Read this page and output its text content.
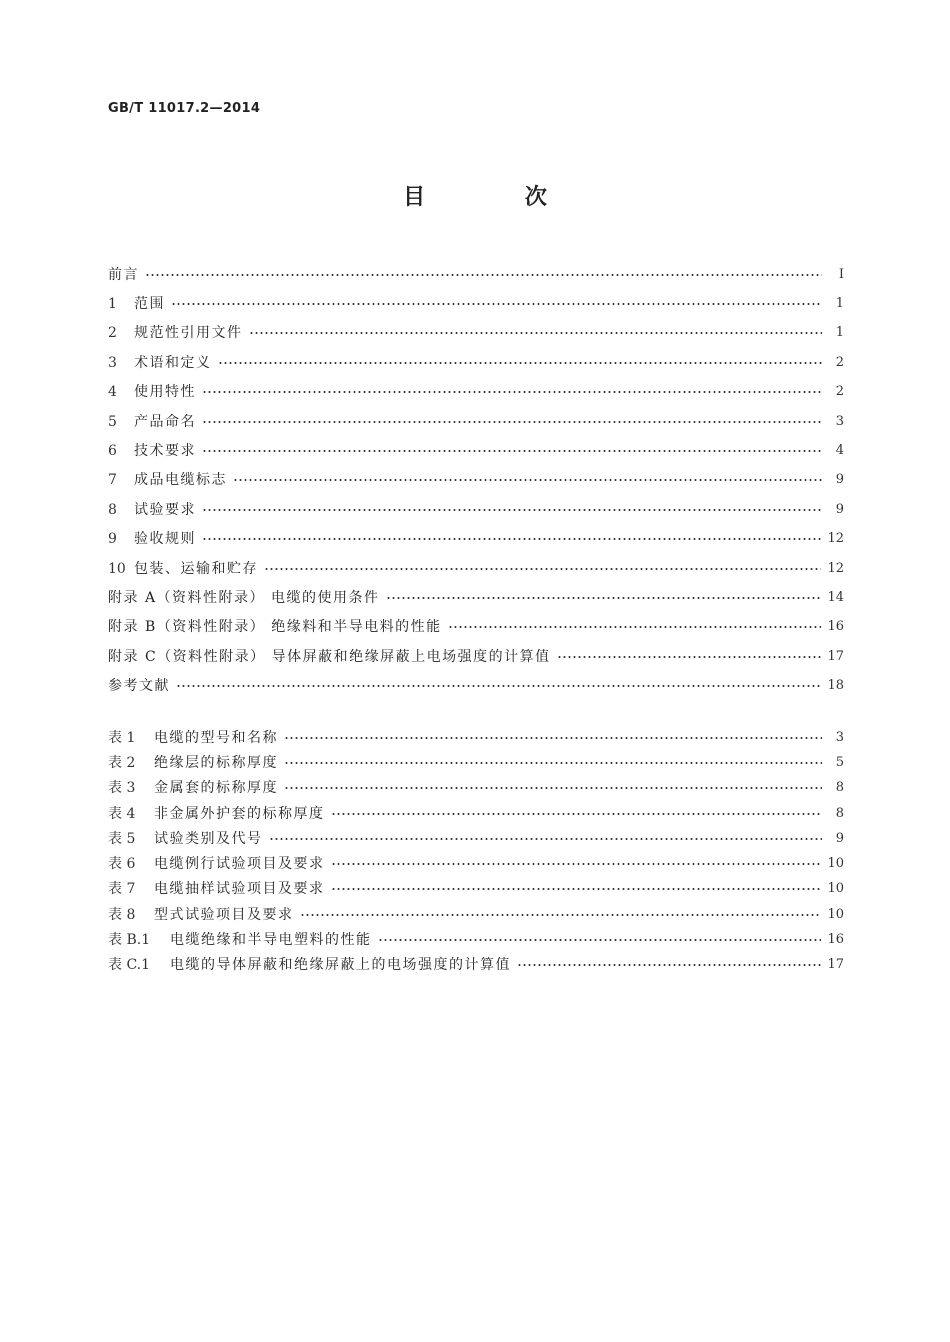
GB/T 11017.2—2014
目 次
前言	Ⅰ
1	范围	1
2	规范性引用文件	1
3	术语和定义	2
4	使用特性	2
5	产品命名	3
6	技术要求	4
7	成品电缆标志	9
8	试验要求	9
9	验收规则	12
10 包装、运输和贮存	12
附录 A（资料性附录） 电缆的使用条件	14
附录 B（资料性附录） 绝缘料和半导电料的性能	16
附录 C（资料性附录） 导体屏蔽和绝缘屏蔽上电场强度的计算值	17
参考文献	18
表 1	电缆的型号和名称	3
表 2	绝缘层的标称厚度	5
表 3	金属套的标称厚度	8
表 4	非金属外护套的标称厚度	8
表 5	试验类别及代号	9
表 6	电缆例行试验项目及要求	10
表 7	电缆抽样试验项目及要求	10
表 8	型式试验项目及要求	10
表 B.1	电缆绝缘和半导电塑料的性能	16
表 C.1	电缆的导体屏蔽和绝缘屏蔽上的电场强度的计算值	17
